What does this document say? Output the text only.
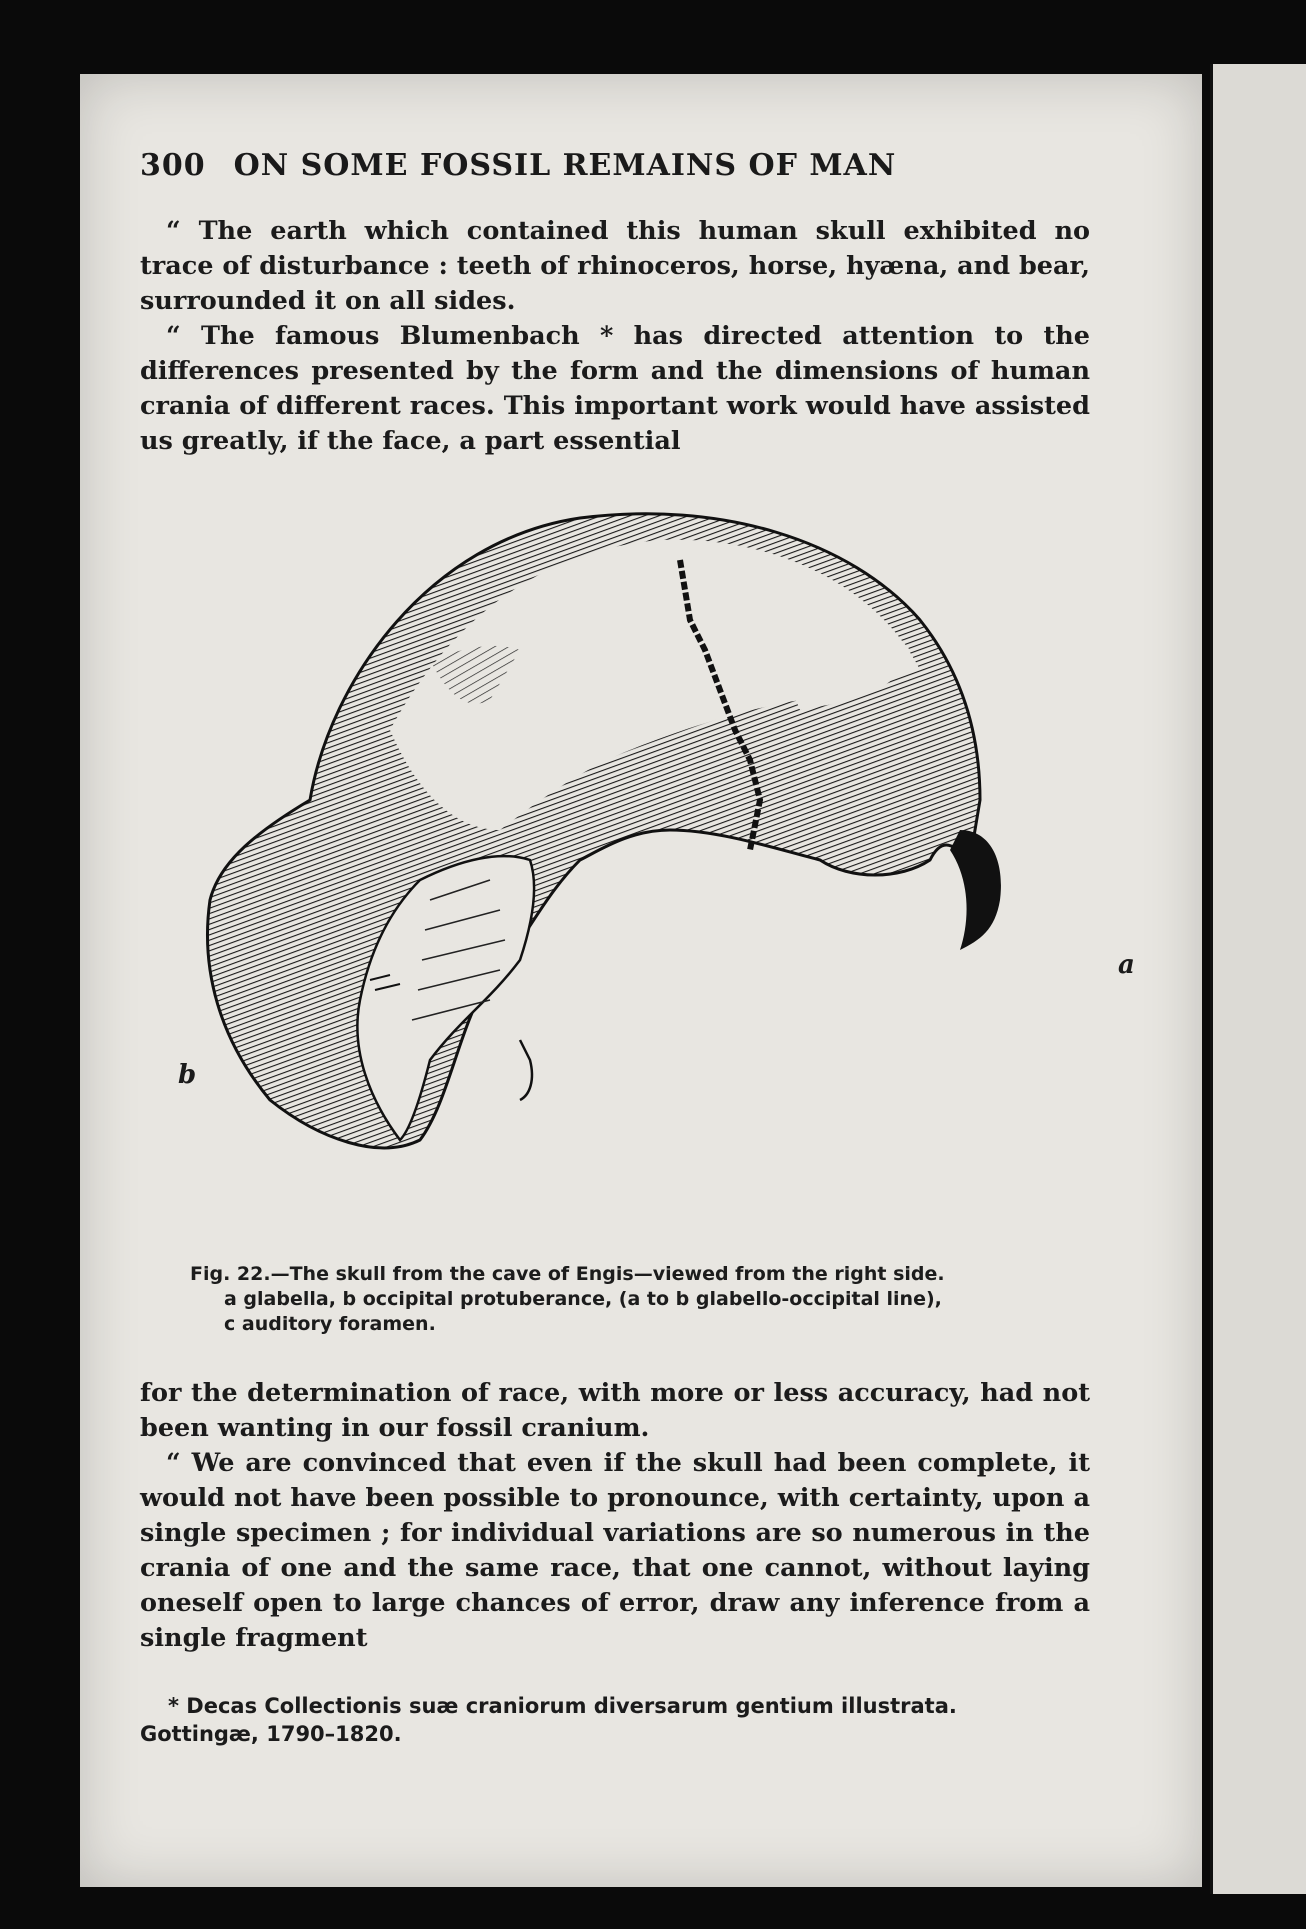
300 ON SOME FOSSIL REMAINS OF MAN

“ The earth which contained this human skull exhibited no trace of disturbance : teeth of rhinoceros, horse, hyæna, and bear, surrounded it on all sides.

“ The famous Blumenbach * has directed attention to the differences presented by the form and the dimensions of human crania of different races. This important work would have assisted us greatly, if the face, a part essential

a
b
Fig. 22.—The skull from the cave of Engis—viewed from the right side.
a glabella, b occipital protuberance, (a to b glabello-occipital line),
c auditory foramen.

for the determination of race, with more or less accuracy, had not been wanting in our fossil cranium.

“ We are convinced that even if the skull had been complete, it would not have been possible to pronounce, with certainty, upon a single specimen ; for individual variations are so numerous in the crania of one and the same race, that one cannot, without laying oneself open to large chances of error, draw any inference from a single fragment

* Decas Collectionis suæ craniorum diversarum gentium illustrata.
Gottingæ, 1790–1820.
